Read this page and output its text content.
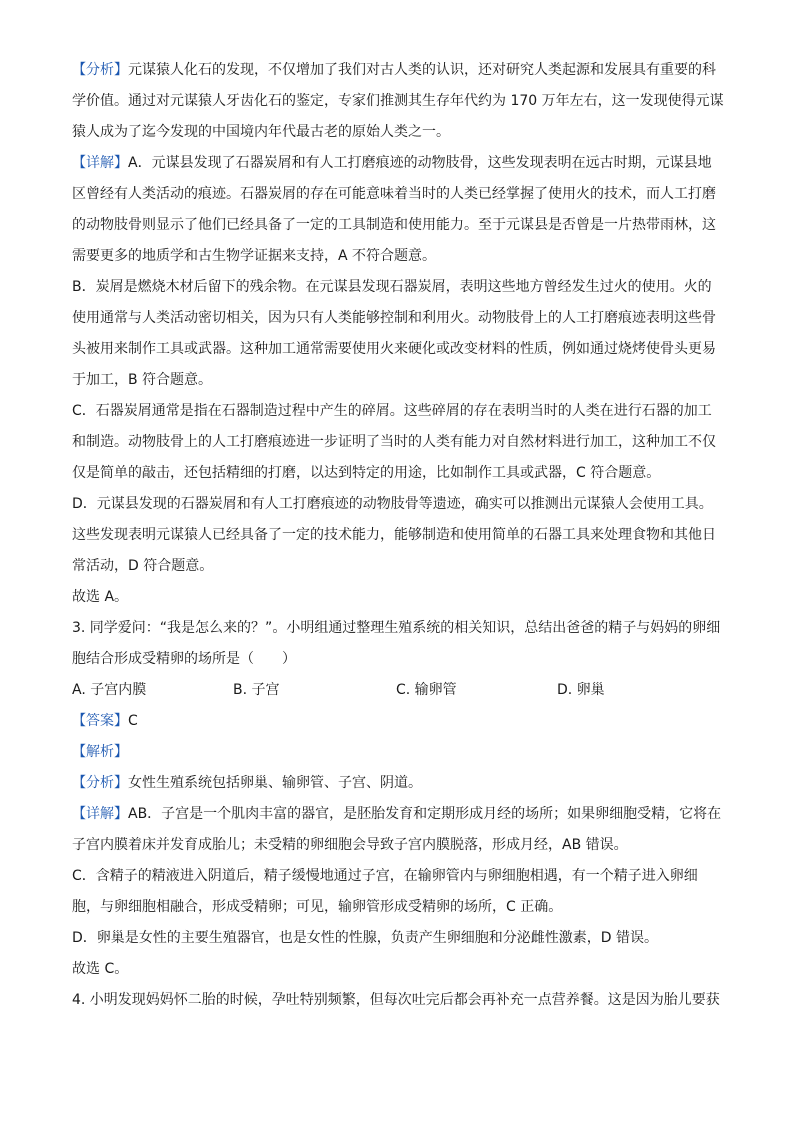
【分析】元谋猿人化石的发现，不仅增加了我们对古人类的认识，还对研究人类起源和发展具有重要的科
学价值。通过对元谋猿人牙齿化石的鉴定，专家们推测其生存年代约为 170 万年左右，这一发现使得元谋
猿人成为了迄今发现的中国境内年代最古老的原始人类之一。
【详解】A．元谋县发现了石器炭屑和有人工打磨痕迹的动物肢骨，这些发现表明在远古时期，元谋县地
区曾经有人类活动的痕迹。石器炭屑的存在可能意味着当时的人类已经掌握了使用火的技术，而人工打磨
的动物肢骨则显示了他们已经具备了一定的工具制造和使用能力。至于元谋县是否曾是一片热带雨林，这
需要更多的地质学和古生物学证据来支持，A 不符合题意。
B．炭屑是燃烧木材后留下的残余物。在元谋县发现石器炭屑，表明这些地方曾经发生过火的使用。火的
使用通常与人类活动密切相关，因为只有人类能够控制和利用火。动物肢骨上的人工打磨痕迹表明这些骨
头被用来制作工具或武器。这种加工通常需要使用火来硬化或改变材料的性质，例如通过烧烤使骨头更易
于加工，B 符合题意。
C．石器炭屑通常是指在石器制造过程中产生的碎屑。这些碎屑的存在表明当时的人类在进行石器的加工
和制造。动物肢骨上的人工打磨痕迹进一步证明了当时的人类有能力对自然材料进行加工，这种加工不仅
仅是简单的敲击，还包括精细的打磨，以达到特定的用途，比如制作工具或武器，C 符合题意。
D．元谋县发现的石器炭屑和有人工打磨痕迹的动物肢骨等遗迹，确实可以推测出元谋猿人会使用工具。
这些发现表明元谋猿人已经具备了一定的技术能力，能够制造和使用简单的石器工具来处理食物和其他日
常活动，D 符合题意。
故选 A。
3. 同学爱问：“我是怎么来的？”。小明组通过整理生殖系统的相关知识，总结出爸爸的精子与妈妈的卵细
胞结合形成受精卵的场所是（　　）
A. 子宫内膜	B. 子宫	C. 输卵管	D. 卵巢
【答案】C
【解析】
【分析】女性生殖系统包括卵巢、输卵管、子宫、阴道。
【详解】AB．子宫是一个肌肉丰富的器官，是胚胎发育和定期形成月经的场所；如果卵细胞受精，它将在
子宫内膜着床并发育成胎儿；未受精的卵细胞会导致子宫内膜脱落，形成月经，AB 错误。
C．含精子的精液进入阴道后，精子缓慢地通过子宫，在输卵管内与卵细胞相遇，有一个精子进入卵细
胞，与卵细胞相融合，形成受精卵；可见，输卵管形成受精卵的场所，C 正确。
D．卵巢是女性的主要生殖器官，也是女性的性腺，负责产生卵细胞和分泌雌性激素，D 错误。
故选 C。
4. 小明发现妈妈怀二胎的时候，孕吐特别频繁，但每次吐完后都会再补充一点营养餐。这是因为胎儿要获
